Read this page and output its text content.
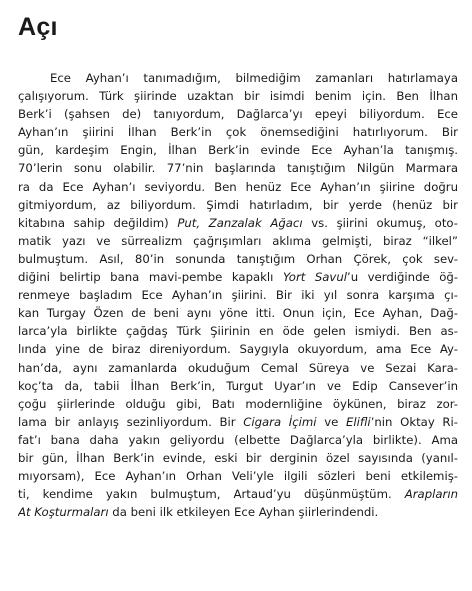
Açı
Ece Ayhan’ı tanımadığım, bilmediğim zamanları hatırlamaya
çalışıyorum. Türk şiirinde uzaktan bir isimdi benim için. Ben İlhan
Berk’i (şahsen de) tanıyordum, Dağlarca’yı epeyi biliyordum. Ece
Ayhan’ın şiirini İlhan Berk’in çok önemsediğini hatırlıyorum. Bir
gün, kardeşim Engin, İlhan Berk’in evinde Ece Ayhan’la tanışmış.
70’lerin sonu olabilir. 77’nin başlarında tanıştığım Nilgün Marmara
ra da Ece Ayhan’ı seviyordu. Ben henüz Ece Ayhan’ın şiirine doğru
gitmiyordum, az biliyordum. Şimdi hatırladım, bir yerde (henüz bir
kitabına sahip değildim) Put, Zanzalak Ağacı vs. şiirini okumuş, oto-
matik yazı ve sürrealizm çağrışımları aklıma gelmişti, biraz “ilkel”
bulmuştum. Asıl, 80’in sonunda tanıştığım Orhan Çörek, çok sev-
diğini belirtip bana mavi-pembe kapaklı Yort Savul’u verdiğinde öğ-
renmeye başladım Ece Ayhan’ın şiirini. Bir iki yıl sonra karşıma çı-
kan Turgay Özen de beni aynı yöne itti. Onun için, Ece Ayhan, Dağ-
larca’yla birlikte çağdaş Türk Şiirinin en öde gelen ismiydi. Ben as-
lında yine de biraz direniyordum. Saygıyla okuyordum, ama Ece Ay-
han’da, aynı zamanlarda okuduğum Cemal Süreya ve Sezai Kara-
koç’ta da, tabii İlhan Berk’in, Turgut Uyar’ın ve Edip Cansever’in
çoğu şiirlerinde olduğu gibi, Batı modernliğine öykünen, biraz zor-
lama bir anlayış sezinliyordum. Bir Cigara İçimi ve Elifli’nin Oktay Ri-
fat’ı bana daha yakın geliyordu (elbette Dağlarca’yla birlikte). Ama
bir gün, İlhan Berk’in evinde, eski bir derginin özel sayısında (yanıl-
mıyorsam), Ece Ayhan’ın Orhan Veli’yle ilgili sözleri beni etkilemiş-
ti, kendime yakın bulmuştum, Artaud’yu düşünmüştüm. Arapların
At Koşturmaları da beni ilk etkileyen Ece Ayhan şiirlerindendi.
